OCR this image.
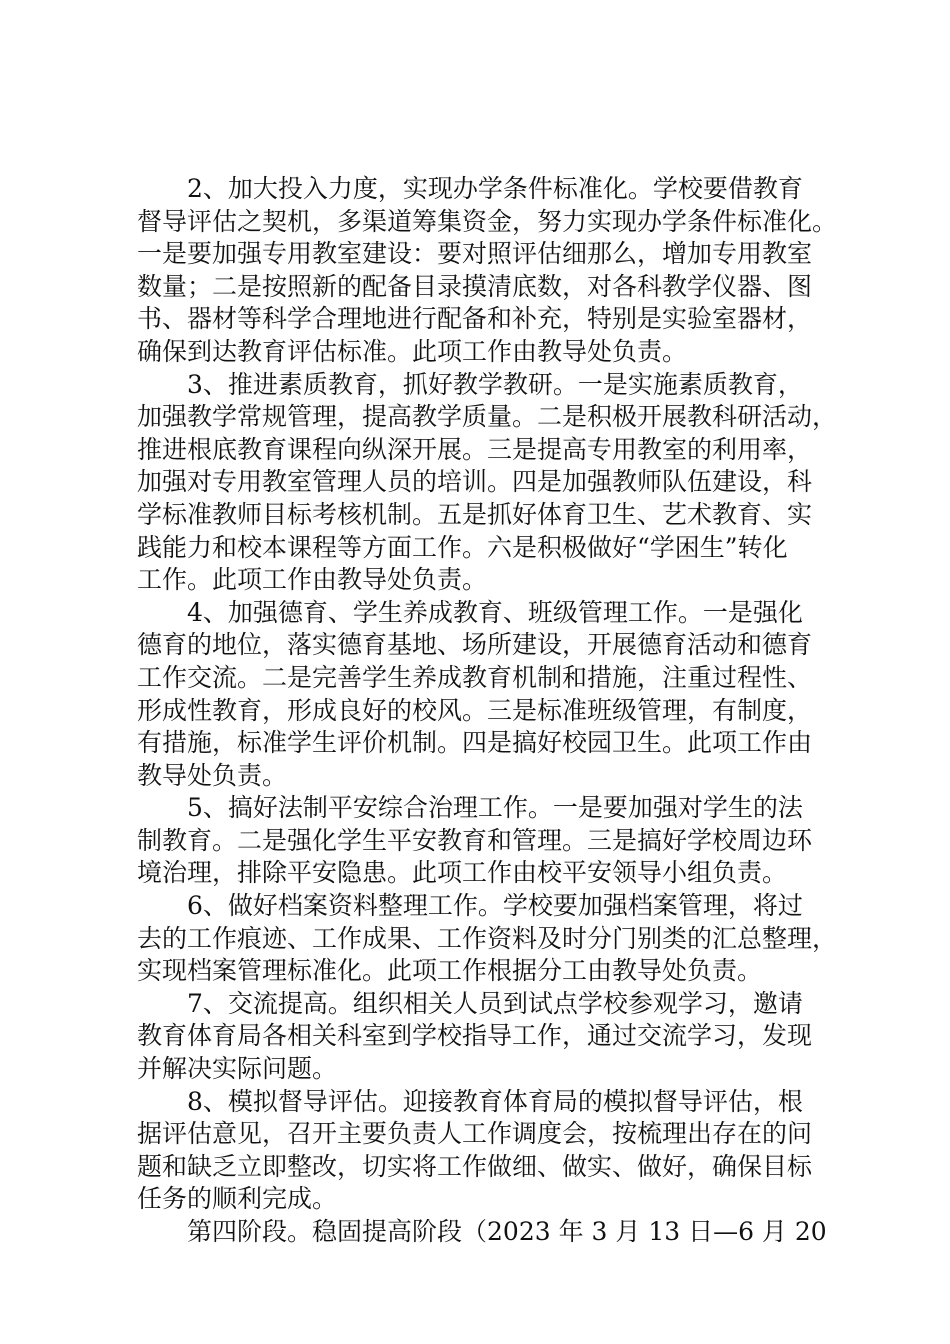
2、加大投入力度，实现办学条件标准化。学校要借教育
督导评估之契机，多渠道筹集资金，努力实现办学条件标准化。
一是要加强专用教室建设：要对照评估细那么，增加专用教室
数量；二是按照新的配备目录摸清底数，对各科教学仪器、图
书、器材等科学合理地进行配备和补充，特别是实验室器材，
确保到达教育评估标准。此项工作由教导处负责。
3、推进素质教育，抓好教学教研。一是实施素质教育，
加强教学常规管理，提高教学质量。二是积极开展教科研活动，
推进根底教育课程向纵深开展。三是提高专用教室的利用率，
加强对专用教室管理人员的培训。四是加强教师队伍建设，科
学标准教师目标考核机制。五是抓好体育卫生、艺术教育、实
践能力和校本课程等方面工作。六是积极做好“学困生”转化
工作。此项工作由教导处负责。
4、加强德育、学生养成教育、班级管理工作。一是强化
德育的地位，落实德育基地、场所建设，开展德育活动和德育
工作交流。二是完善学生养成教育机制和措施，注重过程性、
形成性教育，形成良好的校风。三是标准班级管理，有制度，
有措施，标准学生评价机制。四是搞好校园卫生。此项工作由
教导处负责。
5、搞好法制平安综合治理工作。一是要加强对学生的法
制教育。二是强化学生平安教育和管理。三是搞好学校周边环
境治理，排除平安隐患。此项工作由校平安领导小组负责。
6、做好档案资料整理工作。学校要加强档案管理，将过
去的工作痕迹、工作成果、工作资料及时分门别类的汇总整理，
实现档案管理标准化。此项工作根据分工由教导处负责。
7、交流提高。组织相关人员到试点学校参观学习，邀请
教育体育局各相关科室到学校指导工作，通过交流学习，发现
并解决实际问题。
8、模拟督导评估。迎接教育体育局的模拟督导评估，根
据评估意见，召开主要负责人工作调度会，按梳理出存在的问
题和缺乏立即整改，切实将工作做细、做实、做好，确保目标
任务的顺利完成。
第四阶段。稳固提高阶段（2023 年 3 月 13 日—6 月 20
